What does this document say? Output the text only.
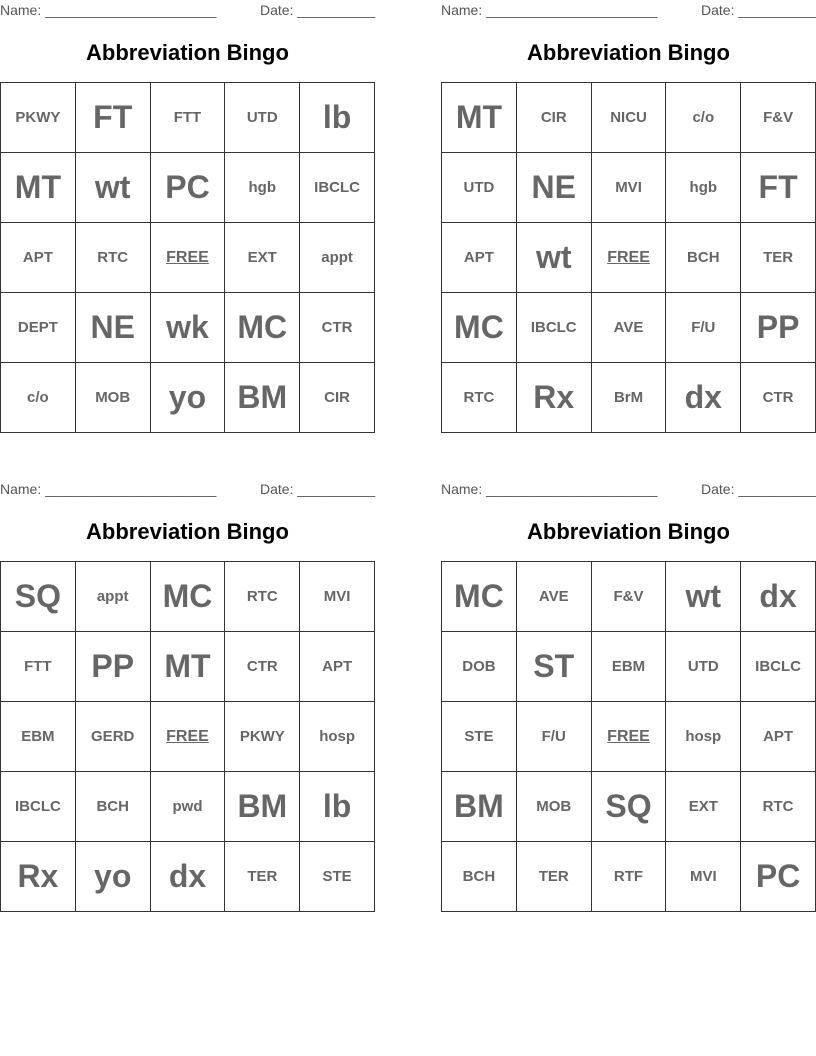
Name: ______________________	Date: __________
Abbreviation Bingo
PKWY	FT	FTT	UTD	lb
MT	wt	PC	hgb	IBCLC
APT	RTC	FREE	EXT	appt
DEPT	NE	wk	MC	CTR
c/o	MOB	yo	BM	CIR
Name: ______________________	Date: __________
Abbreviation Bingo
MT	CIR	NICU	c/o	F&V
UTD	NE	MVI	hgb	FT
APT	wt	FREE	BCH	TER
MC	IBCLC	AVE	F/U	PP
RTC	Rx	BrM	dx	CTR
Name: ______________________	Date: __________
Abbreviation Bingo
SQ	appt	MC	RTC	MVI
FTT	PP	MT	CTR	APT
EBM	GERD	FREE	PKWY	hosp
IBCLC	BCH	pwd	BM	lb
Rx	yo	dx	TER	STE
Name: ______________________	Date: __________
Abbreviation Bingo
MC	AVE	F&V	wt	dx
DOB	ST	EBM	UTD	IBCLC
STE	F/U	FREE	hosp	APT
BM	MOB	SQ	EXT	RTC
BCH	TER	RTF	MVI	PC
